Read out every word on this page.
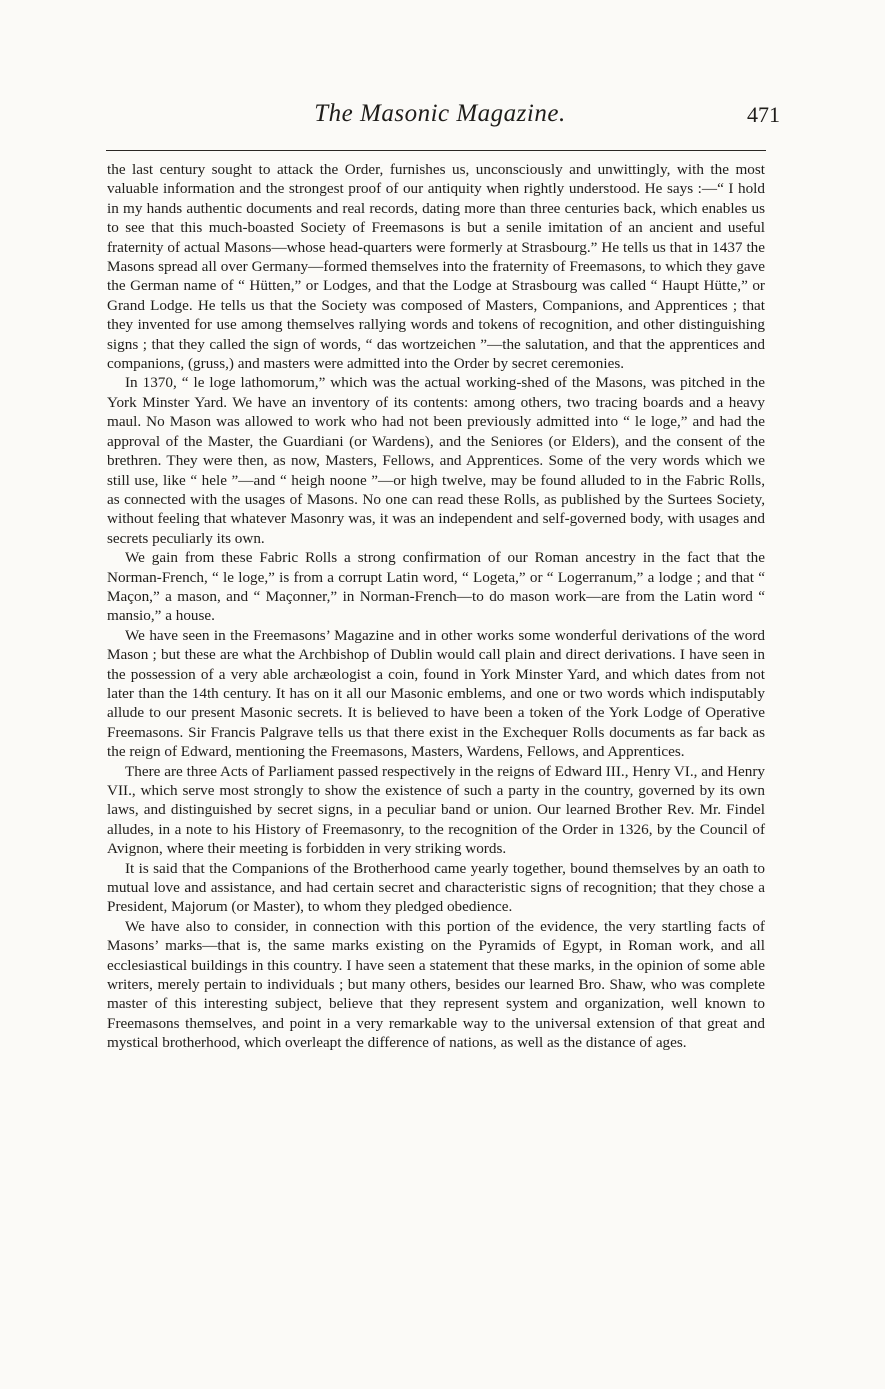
The Masonic Magazine.	471

the last century sought to attack the Order, furnishes us, unconsciously and unwittingly, with the most valuable information and the strongest proof of our antiquity when rightly understood. He says :—“ I hold in my hands authentic documents and real records, dating more than three centuries back, which enables us to see that this much-boasted Society of Freemasons is but a senile imitation of an ancient and useful fraternity of actual Masons—whose head-quarters were formerly at Strasbourg.” He tells us that in 1437 the Masons spread all over Germany—formed themselves into the fraternity of Freemasons, to which they gave the German name of “ Hütten,” or Lodges, and that the Lodge at Strasbourg was called “ Haupt Hütte,” or Grand Lodge. He tells us that the Society was composed of Masters, Companions, and Apprentices ; that they invented for use among themselves rallying words and tokens of recognition, and other distinguishing signs ; that they called the sign of words, “ das wortzeichen ”—the salutation, and that the apprentices and companions, (gruss,) and masters were admitted into the Order by secret ceremonies.

In 1370, “ le loge lathomorum,” which was the actual working-shed of the Masons, was pitched in the York Minster Yard. We have an inventory of its contents: among others, two tracing boards and a heavy maul. No Mason was allowed to work who had not been previously admitted into “ le loge,” and had the approval of the Master, the Guardiani (or Wardens), and the Seniores (or Elders), and the consent of the brethren. They were then, as now, Masters, Fellows, and Apprentices. Some of the very words which we still use, like “ hele ”—and “ heigh noone ”—or high twelve, may be found alluded to in the Fabric Rolls, as connected with the usages of Masons. No one can read these Rolls, as published by the Surtees Society, without feeling that whatever Masonry was, it was an independent and self-governed body, with usages and secrets peculiarly its own.

We gain from these Fabric Rolls a strong confirmation of our Roman ancestry in the fact that the Norman-French, “ le loge,” is from a corrupt Latin word, “ Logeta,” or “ Logerranum,” a lodge ; and that “ Maçon,” a mason, and “ Maçonner,” in Norman-French—to do mason work—are from the Latin word “ mansio,” a house.

We have seen in the Freemasons’ Magazine and in other works some wonderful derivations of the word Mason ; but these are what the Archbishop of Dublin would call plain and direct derivations. I have seen in the possession of a very able archæologist a coin, found in York Minster Yard, and which dates from not later than the 14th century. It has on it all our Masonic emblems, and one or two words which indisputably allude to our present Masonic secrets. It is believed to have been a token of the York Lodge of Operative Freemasons. Sir Francis Palgrave tells us that there exist in the Exchequer Rolls documents as far back as the reign of Edward, mentioning the Freemasons, Masters, Wardens, Fellows, and Apprentices.

There are three Acts of Parliament passed respectively in the reigns of Edward III., Henry VI., and Henry VII., which serve most strongly to show the existence of such a party in the country, governed by its own laws, and distinguished by secret signs, in a peculiar band or union. Our learned Brother Rev. Mr. Findel alludes, in a note to his History of Freemasonry, to the recognition of the Order in 1326, by the Council of Avignon, where their meeting is forbidden in very striking words.

It is said that the Companions of the Brotherhood came yearly together, bound themselves by an oath to mutual love and assistance, and had certain secret and characteristic signs of recognition; that they chose a President, Majorum (or Master), to whom they pledged obedience.

We have also to consider, in connection with this portion of the evidence, the very startling facts of Masons’ marks—that is, the same marks existing on the Pyramids of Egypt, in Roman work, and all ecclesiastical buildings in this country. I have seen a statement that these marks, in the opinion of some able writers, merely pertain to individuals ; but many others, besides our learned Bro. Shaw, who was complete master of this interesting subject, believe that they represent system and organization, well known to Freemasons themselves, and point in a very remarkable way to the universal extension of that great and mystical brotherhood, which overleapt the difference of nations, as well as the distance of ages.
